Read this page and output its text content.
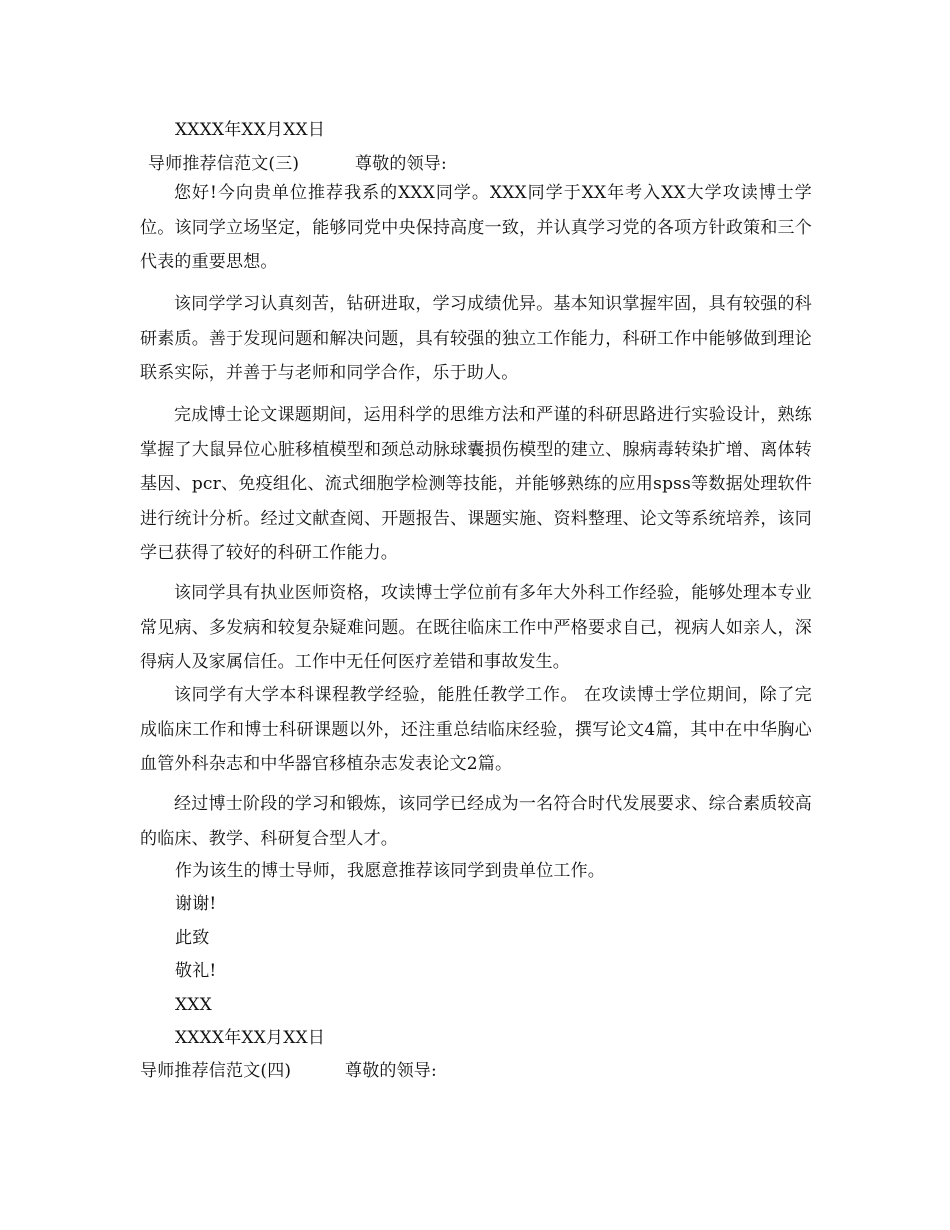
XXXX年XX月XX日
导师推荐信范文(三)	尊敬的领导:
您好!今向贵单位推荐我系的XXX同学。XXX同学于XX年考入XX大学攻读博士学位。该同学立场坚定，能够同党中央保持高度一致，并认真学习党的各项方针政策和三个代表的重要思想。
该同学学习认真刻苦，钻研进取，学习成绩优异。基本知识掌握牢固，具有较强的科研素质。善于发现问题和解决问题，具有较强的独立工作能力，科研工作中能够做到理论联系实际，并善于与老师和同学合作，乐于助人。
完成博士论文课题期间，运用科学的思维方法和严谨的科研思路进行实验设计，熟练掌握了大鼠异位心脏移植模型和颈总动脉球囊损伤模型的建立、腺病毒转染扩增、离体转基因、pcr、免疫组化、流式细胞学检测等技能，并能够熟练的应用spss等数据处理软件进行统计分析。经过文献查阅、开题报告、课题实施、资料整理、论文等系统培养，该同学已获得了较好的科研工作能力。
该同学具有执业医师资格，攻读博士学位前有多年大外科工作经验，能够处理本专业常见病、多发病和较复杂疑难问题。在既往临床工作中严格要求自己，视病人如亲人，深得病人及家属信任。工作中无任何医疗差错和事故发生。
该同学有大学本科课程教学经验，能胜任教学工作。 在攻读博士学位期间，除了完成临床工作和博士科研课题以外，还注重总结临床经验，撰写论文4篇，其中在中华胸心血管外科杂志和中华器官移植杂志发表论文2篇。
经过博士阶段的学习和锻炼，该同学已经成为一名符合时代发展要求、综合素质较高的临床、教学、科研复合型人才。
作为该生的博士导师，我愿意推荐该同学到贵单位工作。
谢谢!
此致
敬礼!
XXX
XXXX年XX月XX日
导师推荐信范文(四)	尊敬的领导:
